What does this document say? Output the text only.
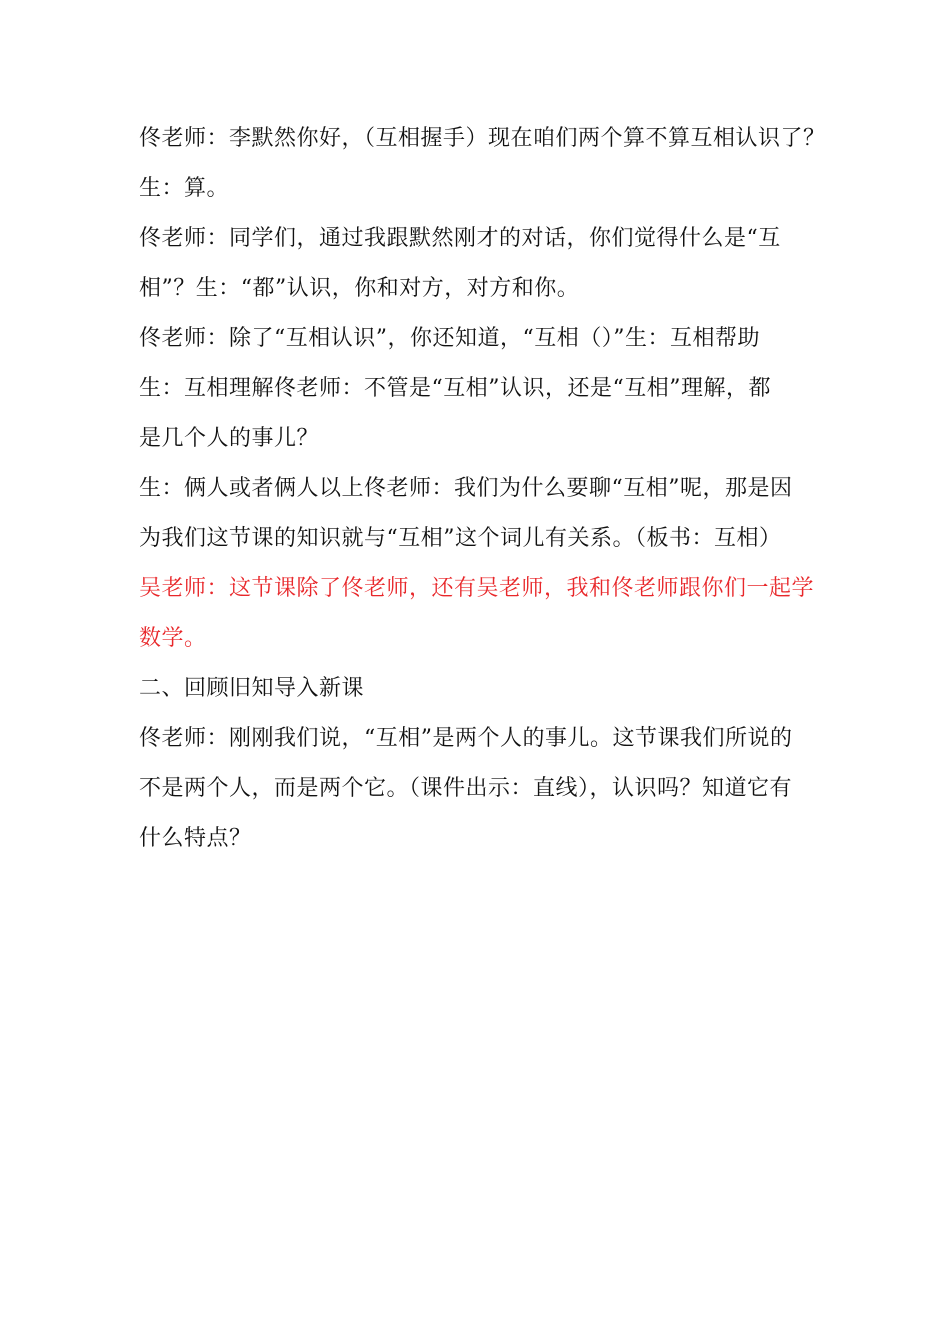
佟老师：李默然你好，（互相握手）现在咱们两个算不算互相认识了？
生：算。
佟老师：同学们，通过我跟默然刚才的对话，你们觉得什么是“互
相”？生：“都”认识，你和对方，对方和你。
佟老师：除了“互相认识”，你还知道，“互相（）”生：互相帮助
生：互相理解佟老师：不管是“互相”认识，还是“互相”理解，都
是几个人的事儿？
生：俩人或者俩人以上佟老师：我们为什么要聊“互相”呢，那是因
为我们这节课的知识就与“互相”这个词儿有关系。（板书：互相）
吴老师：这节课除了佟老师，还有吴老师，我和佟老师跟你们一起学
数学。
二、回顾旧知导入新课
佟老师：刚刚我们说，“互相”是两个人的事儿。这节课我们所说的
不是两个人，而是两个它。（课件出示：直线），认识吗？知道它有
什么特点？
